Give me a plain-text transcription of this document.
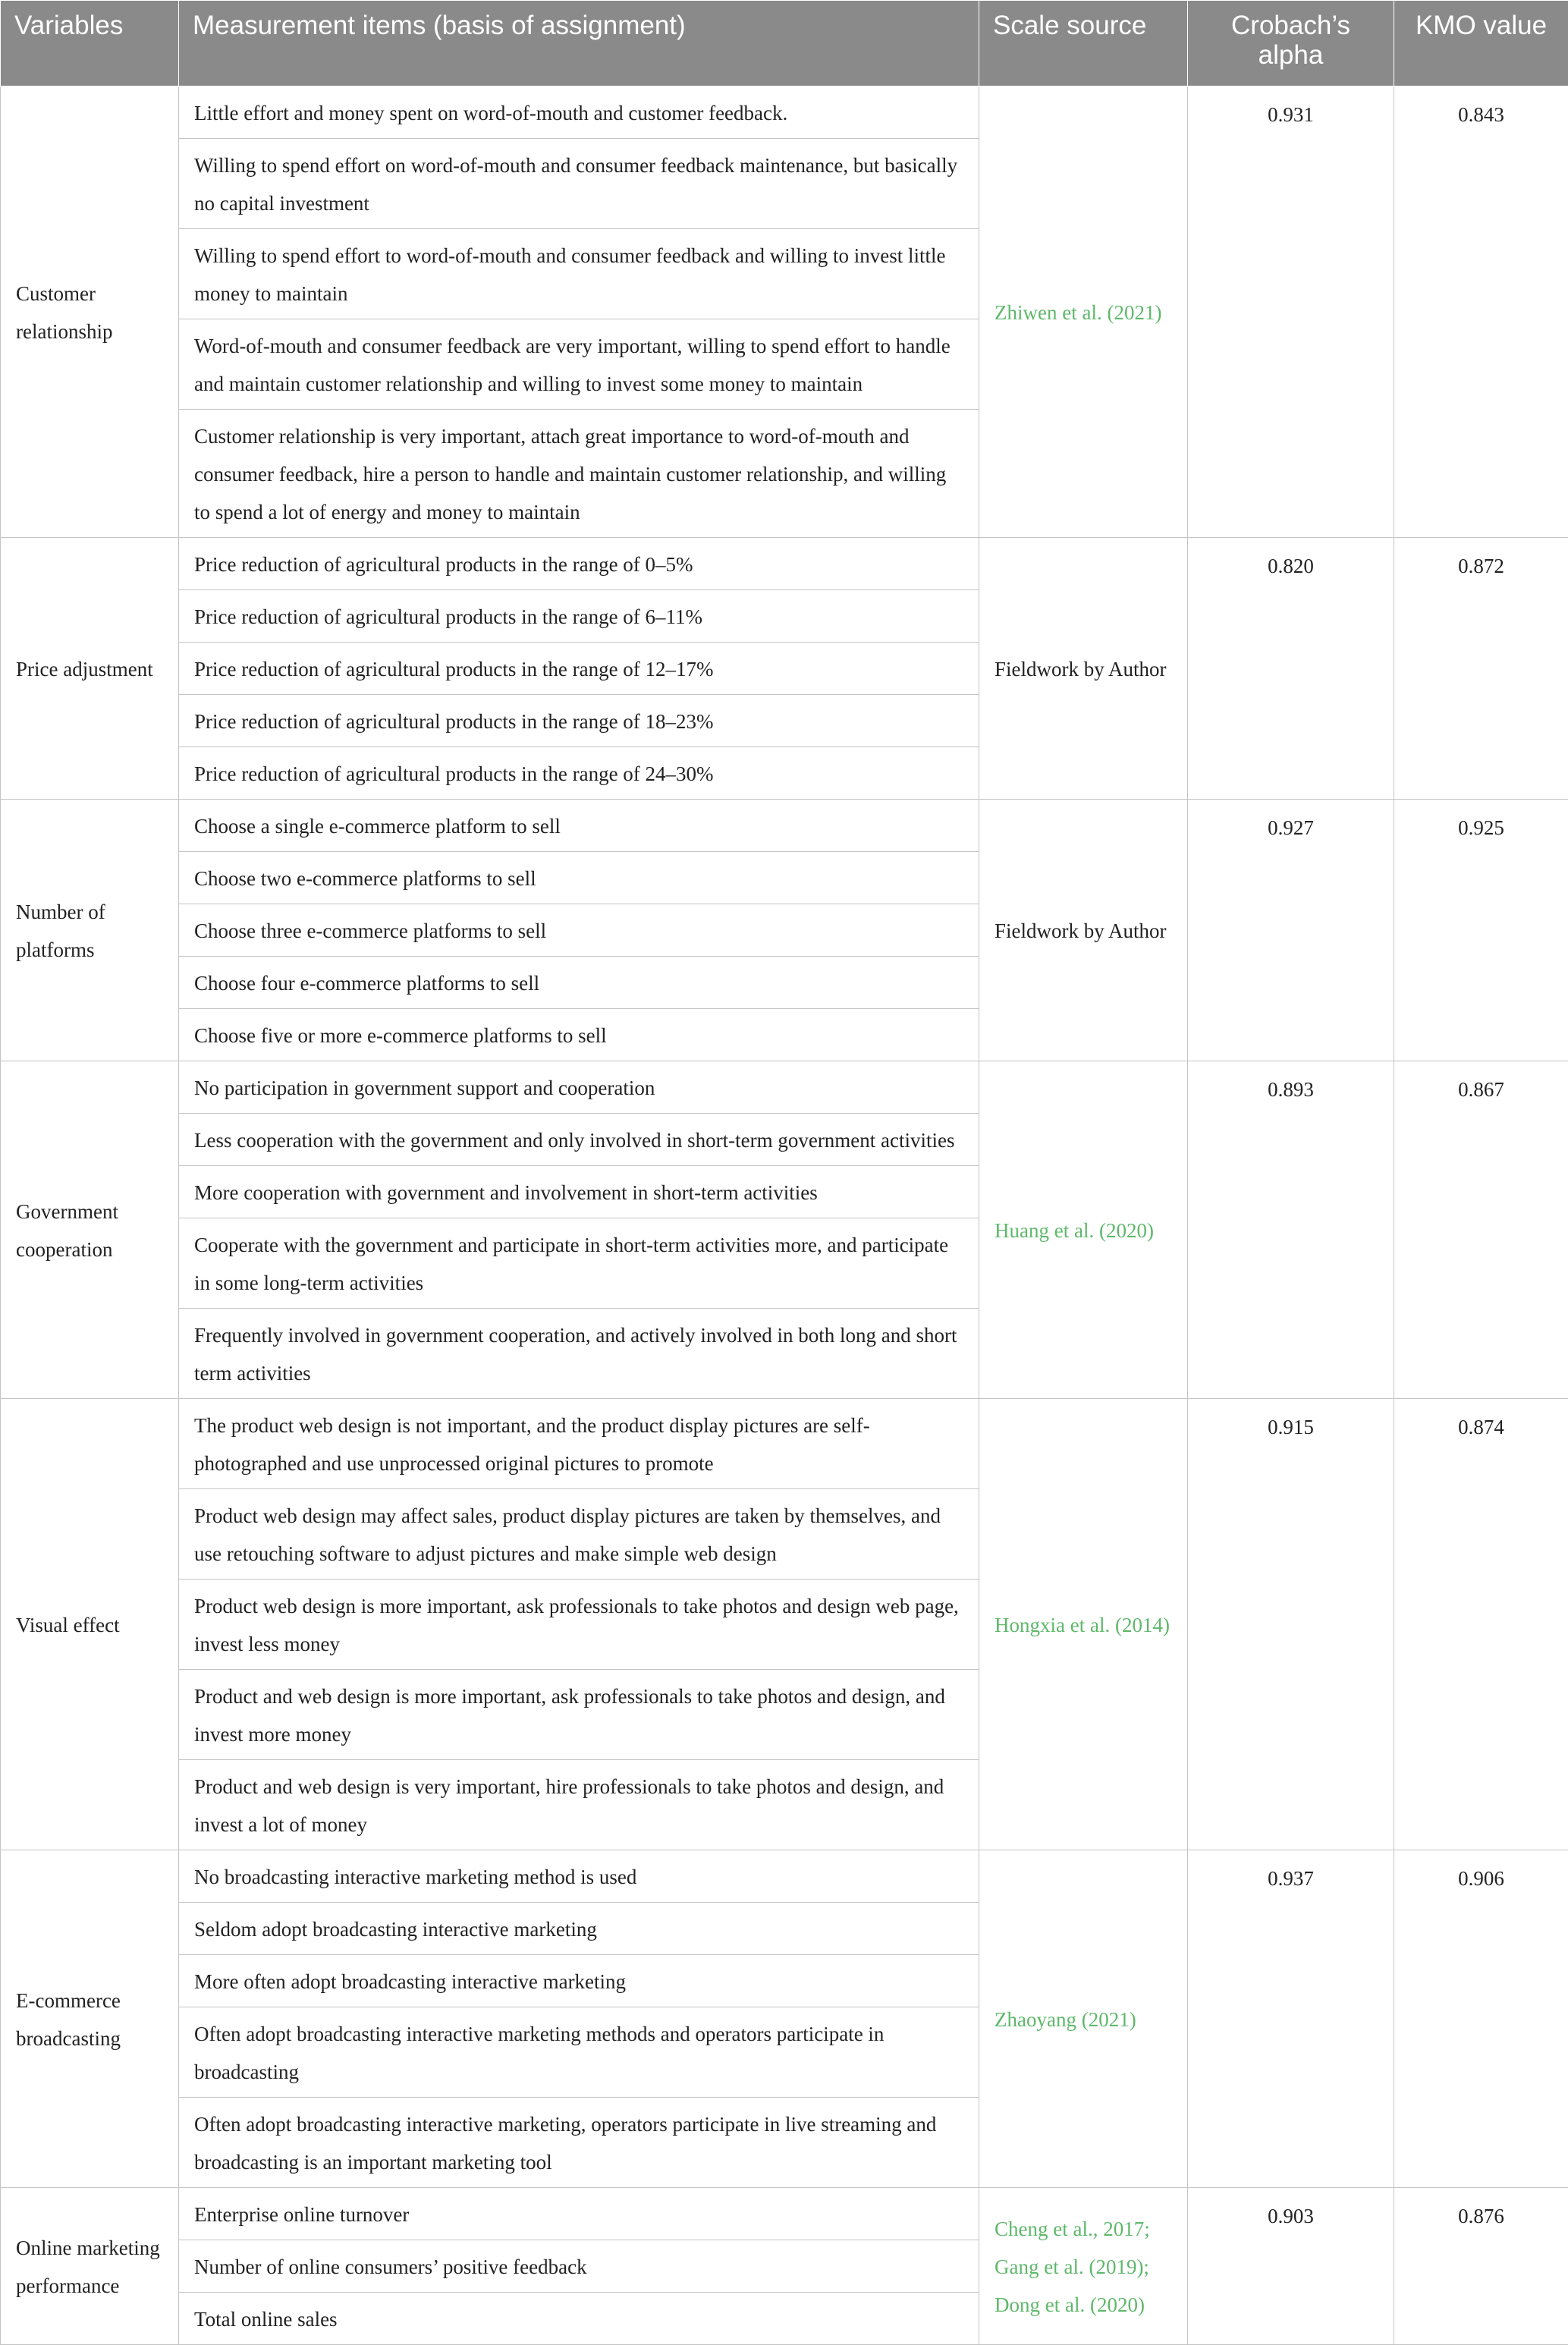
Variables	Measurement items (basis of assignment)	Scale source	Crobach’s alpha	KMO value
Customer relationship	Little effort and money spent on word-of-mouth and customer feedback.	Zhiwen et al. (2021)	0.931	0.843
	Willing to spend effort on word-of-mouth and consumer feedback maintenance, but basically no capital investment			
	Willing to spend effort to word-of-mouth and consumer feedback and willing to invest little money to maintain			
	Word-of-mouth and consumer feedback are very important, willing to spend effort to handle and maintain customer relationship and willing to invest some money to maintain			
	Customer relationship is very important, attach great importance to word-of-mouth and consumer feedback, hire a person to handle and maintain customer relationship, and willing to spend a lot of energy and money to maintain			
Price adjustment	Price reduction of agricultural products in the range of 0–5%	Fieldwork by Author	0.820	0.872
	Price reduction of agricultural products in the range of 6–11%			
	Price reduction of agricultural products in the range of 12–17%			
	Price reduction of agricultural products in the range of 18–23%			
	Price reduction of agricultural products in the range of 24–30%			
Number of platforms	Choose a single e-commerce platform to sell	Fieldwork by Author	0.927	0.925
	Choose two e-commerce platforms to sell			
	Choose three e-commerce platforms to sell			
	Choose four e-commerce platforms to sell			
	Choose five or more e-commerce platforms to sell			
Government cooperation	No participation in government support and cooperation	Huang et al. (2020)	0.893	0.867
	Less cooperation with the government and only involved in short-term government activities			
	More cooperation with government and involvement in short-term activities			
	Cooperate with the government and participate in short-term activities more, and participate in some long-term activities			
	Frequently involved in government cooperation, and actively involved in both long and short term activities			
Visual effect	The product web design is not important, and the product display pictures are self-photographed and use unprocessed original pictures to promote	Hongxia et al. (2014)	0.915	0.874
	Product web design may affect sales, product display pictures are taken by themselves, and use retouching software to adjust pictures and make simple web design			
	Product web design is more important, ask professionals to take photos and design web page, invest less money			
	Product and web design is more important, ask professionals to take photos and design, and invest more money			
	Product and web design is very important, hire professionals to take photos and design, and invest a lot of money			
E-commerce broadcasting	No broadcasting interactive marketing method is used	Zhaoyang (2021)	0.937	0.906
	Seldom adopt broadcasting interactive marketing			
	More often adopt broadcasting interactive marketing			
	Often adopt broadcasting interactive marketing methods and operators participate in broadcasting			
	Often adopt broadcasting interactive marketing, operators participate in live streaming and broadcasting is an important marketing tool			
Online marketing performance	Enterprise online turnover	Cheng et al., 2017; Gang et al. (2019); Dong et al. (2020)	0.903	0.876
	Number of online consumers’ positive feedback			
	Total online sales			
